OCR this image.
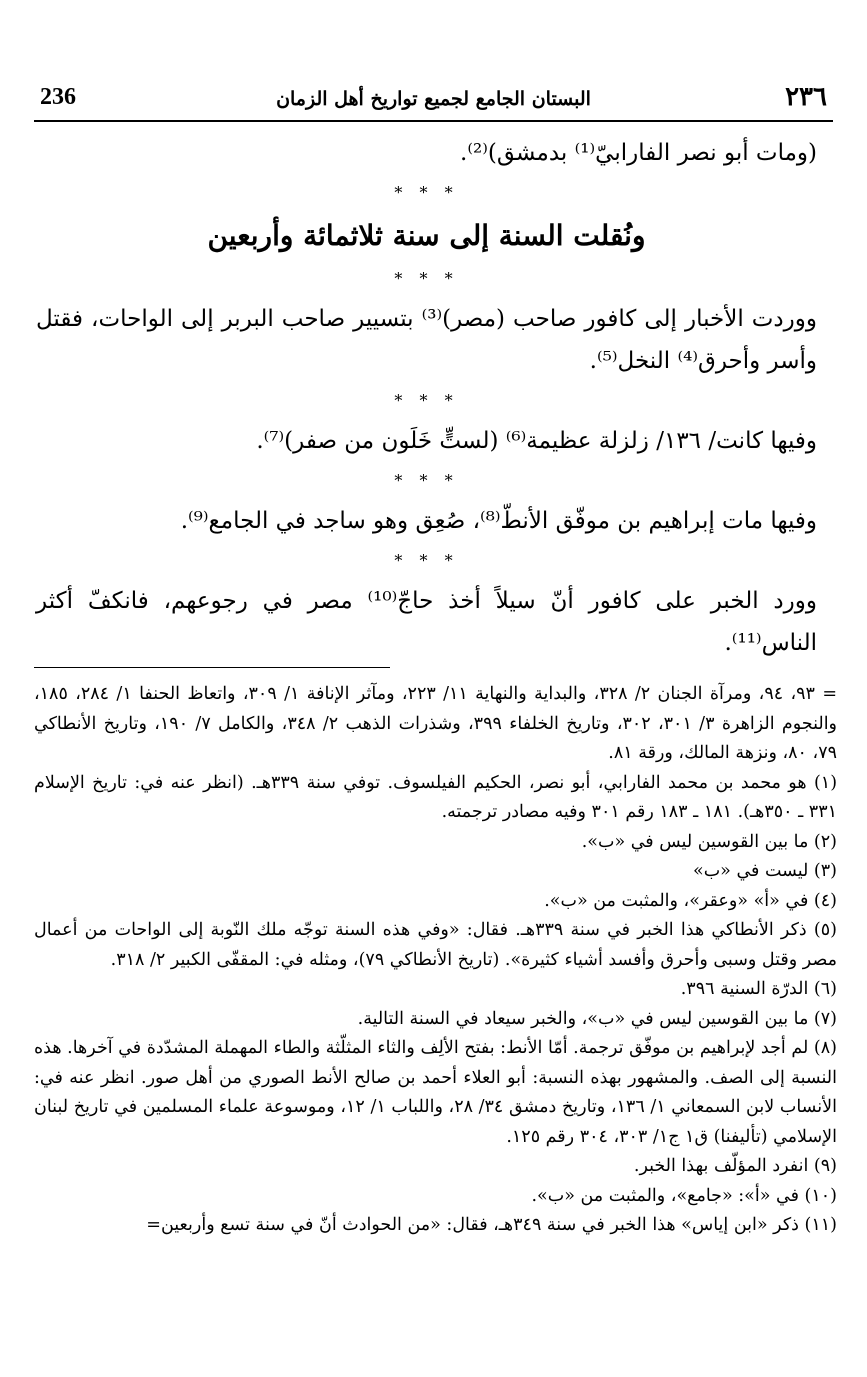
236	البستان الجامع لجميع تواريخ أهل الزمان	٢٣٦

(ومات أبو نصر الفارابيّ⁽¹⁾ بدمشق)⁽²⁾.

* * *
ونُقلت السنة إلى سنة ثلاثمائة وأربعين
* * *

ووردت الأخبار إلى كافور صاحب (مصر)⁽³⁾ بتسيير صاحب البربر إلى الواحات، فقتل وأسر وأحرق⁽⁴⁾ النخل⁽⁵⁾.

* * *

وفيها كانت/ ١٣٦/ زلزلة عظيمة⁽⁶⁾ (لستٍّ خَلَون من صفر)⁽⁷⁾.

* * *

وفيها مات إبراهيم بن موفّق الأنطّ⁽⁸⁾، صُعِق وهو ساجد في الجامع⁽⁹⁾.

* * *

وورد الخبر على كافور أنّ سيلاً أخذ حاجّ⁽¹⁰⁾ مصر في رجوعهم، فانكفّ أكثر الناس⁽¹¹⁾.

= ٩٣، ٩٤، ومرآة الجنان ٢/ ٣٢٨، والبداية والنهاية ١١/ ٢٢٣، ومآثر الإنافة ١/ ٣٠٩، واتعاظ الحنفا ١/ ٢٨٤، ١٨٥، والنجوم الزاهرة ٣/ ٣٠١، ٣٠٢، وتاريخ الخلفاء ٣٩٩، وشذرات الذهب ٢/ ٣٤٨، والكامل ٧/ ١٩٠، وتاريخ الأنطاكي ٧٩، ٨٠، ونزهة المالك، ورقة ٨١.

(١) هو محمد بن محمد الفارابي، أبو نصر، الحكيم الفيلسوف. توفي سنة ٣٣٩هـ. (انظر عنه في: تاريخ الإسلام ٣٣١ ـ ٣٥٠هـ). ١٨١ ـ ١٨٣ رقم ٣٠١ وفيه مصادر ترجمته.

(٢) ما بين القوسين ليس في «ب».

(٣) ليست في «ب»

(٤) في «أ» «وعقر»، والمثبت من «ب».

(٥) ذكر الأنطاكي هذا الخبر في سنة ٣٣٩هـ. فقال: «وفي هذه السنة توجّه ملك النّوبة إلى الواحات من أعمال مصر وقتل وسبى وأحرق وأفسد أشياء كثيرة». (تاريخ الأنطاكي ٧٩)، ومثله في: المقفّى الكبير ٢/ ٣١٨.

(٦) الدرّة السنية ٣٩٦.

(٧) ما بين القوسين ليس في «ب»، والخبر سيعاد في السنة التالية.

(٨) لم أجد لإبراهيم بن موفّق ترجمة. أمّا الأنط: بفتح الألِف والثاء المثلّثة والطاء المهملة المشدّدة في آخرها. هذه النسبة إلى الصف. والمشهور بهذه النسبة: أبو العلاء أحمد بن صالح الأنط الصوري من أهل صور. انظر عنه في: الأنساب لابن السمعاني ١/ ١٣٦، وتاريخ دمشق ٣٤/ ٢٨، واللباب ١/ ١٢، وموسوعة علماء المسلمين في تاريخ لبنان الإسلامي (تأليفنا) ق١ ج١/ ٣٠٣، ٣٠٤ رقم ١٢٥.

(٩) انفرد المؤلّف بهذا الخبر.

(١٠) في «أ»: «جامع»، والمثبت من «ب».

(١١) ذكر «ابن إياس» هذا الخبر في سنة ٣٤٩هـ، فقال: «من الحوادث أنّ في سنة تسع وأربعين=
